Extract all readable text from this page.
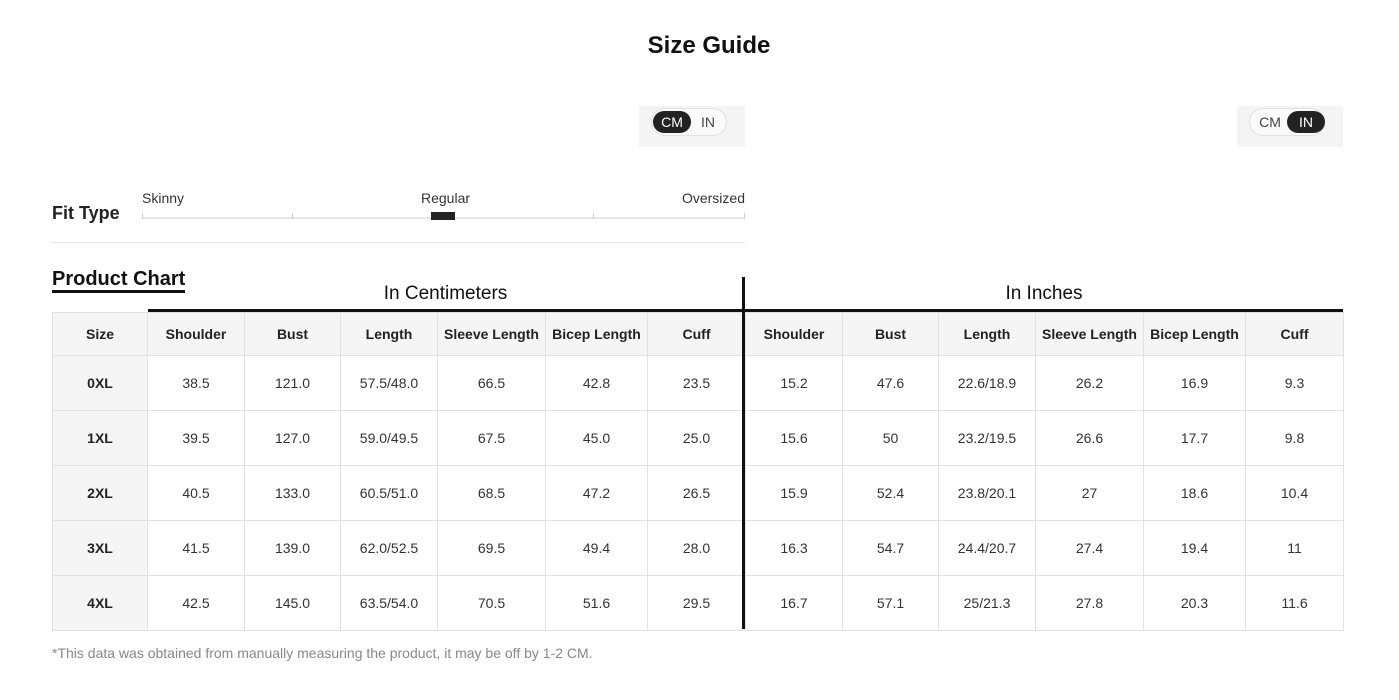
Size Guide
CM	IN	CM	IN
Fit Type
Skinny	Regular	Oversized
Product Chart
In Centimeters	In Inches
Size	Shoulder	Bust	Length	Sleeve Length	Bicep Length	Cuff	Shoulder	Bust	Length	Sleeve Length	Bicep Length	Cuff
0XL	38.5	121.0	57.5/48.0	66.5	42.8	23.5	15.2	47.6	22.6/18.9	26.2	16.9	9.3
1XL	39.5	127.0	59.0/49.5	67.5	45.0	25.0	15.6	50	23.2/19.5	26.6	17.7	9.8
2XL	40.5	133.0	60.5/51.0	68.5	47.2	26.5	15.9	52.4	23.8/20.1	27	18.6	10.4
3XL	41.5	139.0	62.0/52.5	69.5	49.4	28.0	16.3	54.7	24.4/20.7	27.4	19.4	11
4XL	42.5	145.0	63.5/54.0	70.5	51.6	29.5	16.7	57.1	25/21.3	27.8	20.3	11.6
*This data was obtained from manually measuring the product, it may be off by 1-2 CM.
